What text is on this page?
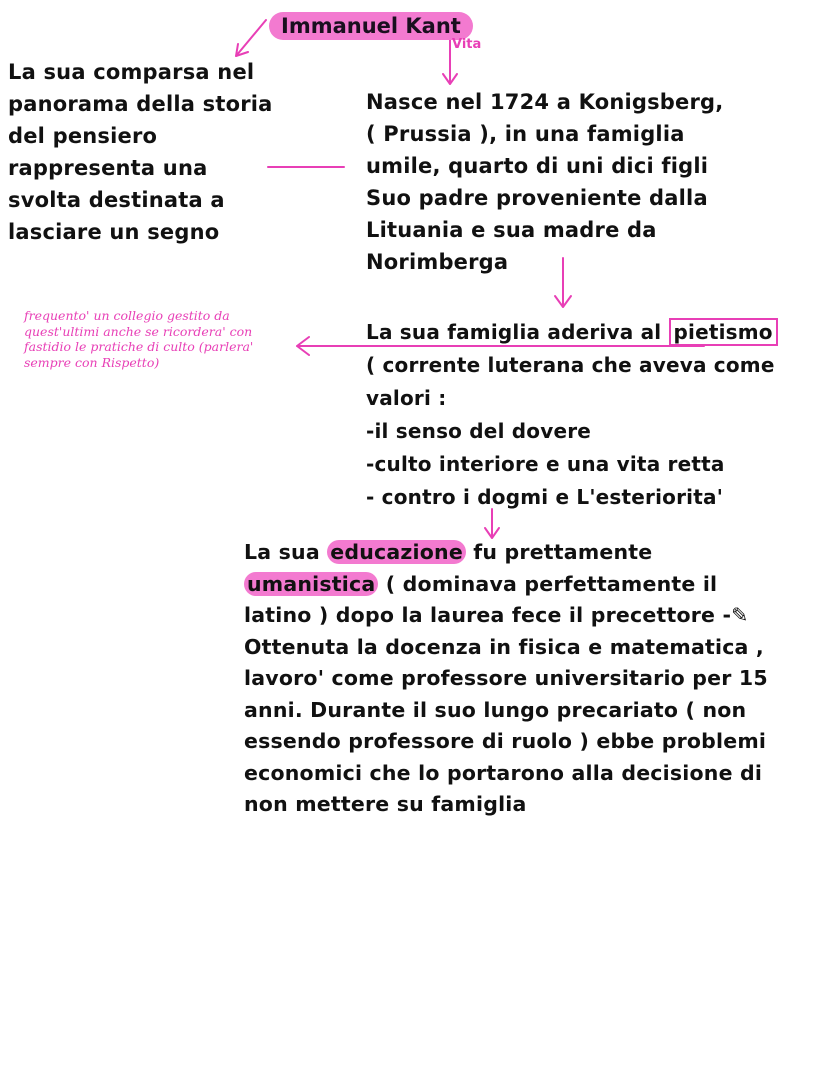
Immanuel Kant
Vita
La sua comparsa nel
panorama della storia
del pensiero
rappresenta una
svolta destinata a
lasciare un segno
Nasce nel 1724 a Konigsberg,
( Prussia ), in una famiglia
umile, quarto di uni dici figli
Suo padre proveniente dalla
Lituania e sua madre da
Norimberga
La sua famiglia aderiva al pietismo
( corrente luterana che aveva come
valori :
-il senso del dovere
-culto interiore e una vita retta
- contro i dogmi e L'esteriorita'
frequento' un collegio gestito da quest'ultimi anche se ricordera' con fastidio le pratiche di culto (parlera' sempre con Rispetto)
La sua educazione fu prettamente
umanistica ( dominava perfettamente il
latino ) dopo la laurea fece il precettore -✎
Ottenuta la docenza in fisica e matematica ,
lavoro' come professore universitario per 15
anni. Durante il suo lungo precariato ( non
essendo professore di ruolo ) ebbe problemi
economici che lo portarono alla decisione di
non mettere su famiglia
